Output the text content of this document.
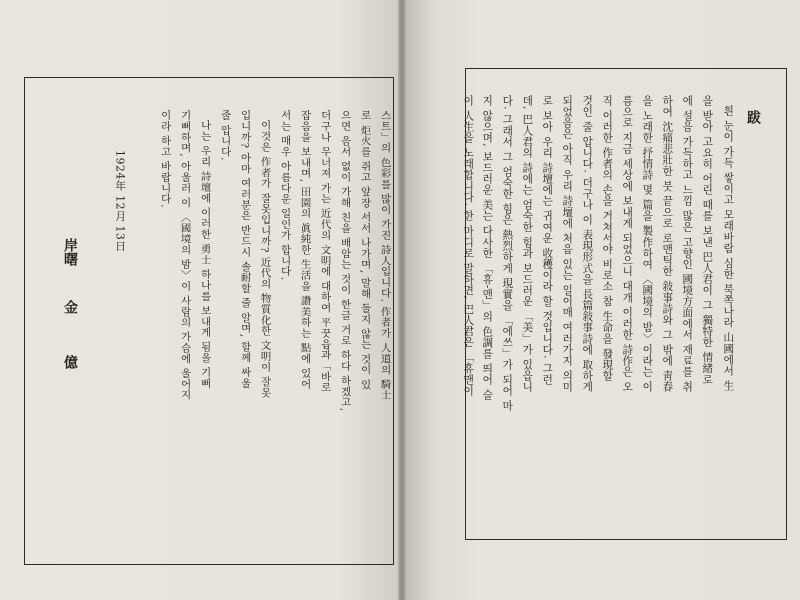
跋
흰 눈이 가득 쌓이고 모래바람 심한 북쪽나라 山國에서 生
을 받아 고요히 어린 때를 보낸 巴人君이 그 獨特한 情緒로
에 설음 가득하고 느낌 많은 고향인 國境方面에서 재료를 취
하여 沈痛悲壯한 붓 끝으로 로맨틱한 敍事詩와 그 밖에 靑春
을 노래한 抒情詩 몇 篇을 製作하여 〈國境의 밤〉이라는 이
름으로 지금 세상에 보내게 되었으니 대개 이러한 詩作은 오
직 이러한 作者의 손을 거쳐서야 비로소 참 生命을 發現할
것인 줄 압니다. 더구나 이 表現形式을 長篇敍事詩에 取하게
되었음은 아직 우리 詩壇에 처음 있는 일이매 여러가지 의미
로 보아 우리 詩壇에는 귀여운 收穫이라 할 것입니다. 그런
데, 巴人君의 詩에는 엄숙한 힘과 보드러운 「美」가 있읍니
다. 그래서 그 엄숙한 힘은 熱烈하게 現實을 「에쓰」가 되어 마
지 않으며, 보드러운 美는 다사한 「휴-맨」의 色調를 띄어 슬
이 人生을 노래합니다. 한 마디로 말하면, 巴人君은 「휴맨이
스트」의 色彩를 많이 가진 詩人입니다. 作者가 人道의 騎士
로 炬火를 쥐고 앞장 서서 나가며, 말해 둘지 않는 것이 있
으면 음서 없이 가해 친을 배암는 것이 한글 거로 하다 하겠고,
더구나 무너져 가는 近代의 文明에 대하여 平꿋읍과「바로
잡음을 보내며, 田園의 眞純한 生活을 讚美하는 點에 있어
서는 매우 아름다운 일인가 합니다.
이것은 作者가 잘못입니까? 近代의 物質化한 文明이 잘못
입니까? 아마 여러분은 반드시 솔耐할 줄 알며, 할께 싸울
줄 압니다.
나는 우리 詩壇에 이러한 勇士 하나를 보내게 됨을 기뻐
기뻐하며, 아울러 이 〈國境의 밤〉이 사람의 가슴에 울어지
이라 하고 바랍니다.
1924年 12月 13日
岸曙
金
億
